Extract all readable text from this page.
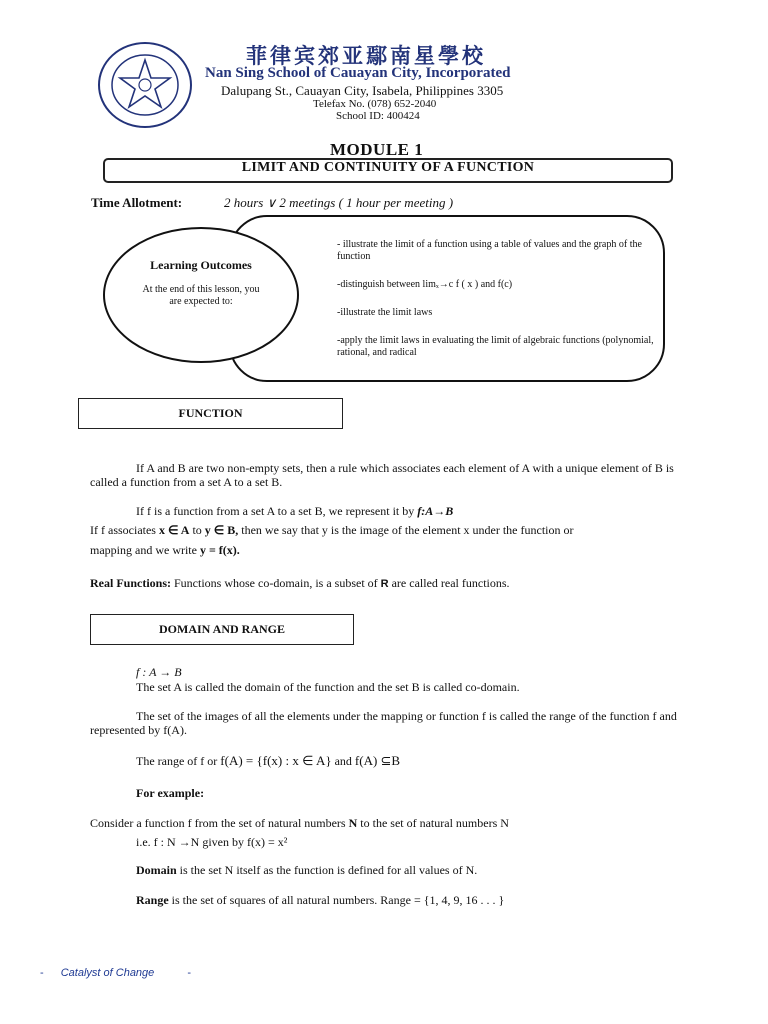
菲律宾郊亚鄢南星學校
Nan Sing School of Cauayan City, Incorporated
Dalupang St., Cauayan City, Isabela, Philippines 3305
Telefax No. (078) 652-2040
School ID: 400424
MODULE 1
LIMIT AND CONTINUITY OF A FUNCTION
Time Allotment:	2 hours ∨ 2 meetings ( 1 hour per meeting )
Learning Outcomes
At the end of this lesson, you are expected to:
- illustrate the limit of a function using a table of values and the graph of the function
-distinguish between limₓ→c f ( x ) and f(c)
-illustrate the limit laws
-apply the limit laws in evaluating the limit of algebraic functions (polynomial, rational, and radical
FUNCTION
If A and B are two non-empty sets, then a rule which associates each element of A with a unique element of B is called a function from a set A to a set B.
If f is a function from a set A to a set B, we represent it by f:A→B
If f associates x ∈ A to y ∈ B, then we say that y is the image of the element x under the function or
mapping and we write y = f(x).
Real Functions: Functions whose co-domain, is a subset of R are called real functions.
DOMAIN AND RANGE
f : A → B
The set A is called the domain of the function and the set B is called co-domain.
The set of the images of all the elements under the mapping or function f is called the range of the function f and represented by f(A).
The range of f or f(A) = {f(x) : x ∈ A} and f(A) ⊆B
For example:
Consider a function f from the set of natural numbers N to the set of natural numbers N
i.e. f : N →N given by f(x) = x²
Domain is the set N itself as the function is defined for all values of N.
Range is the set of squares of all natural numbers. Range = {1, 4, 9, 16 . . . }
- Catalyst of Change	-
